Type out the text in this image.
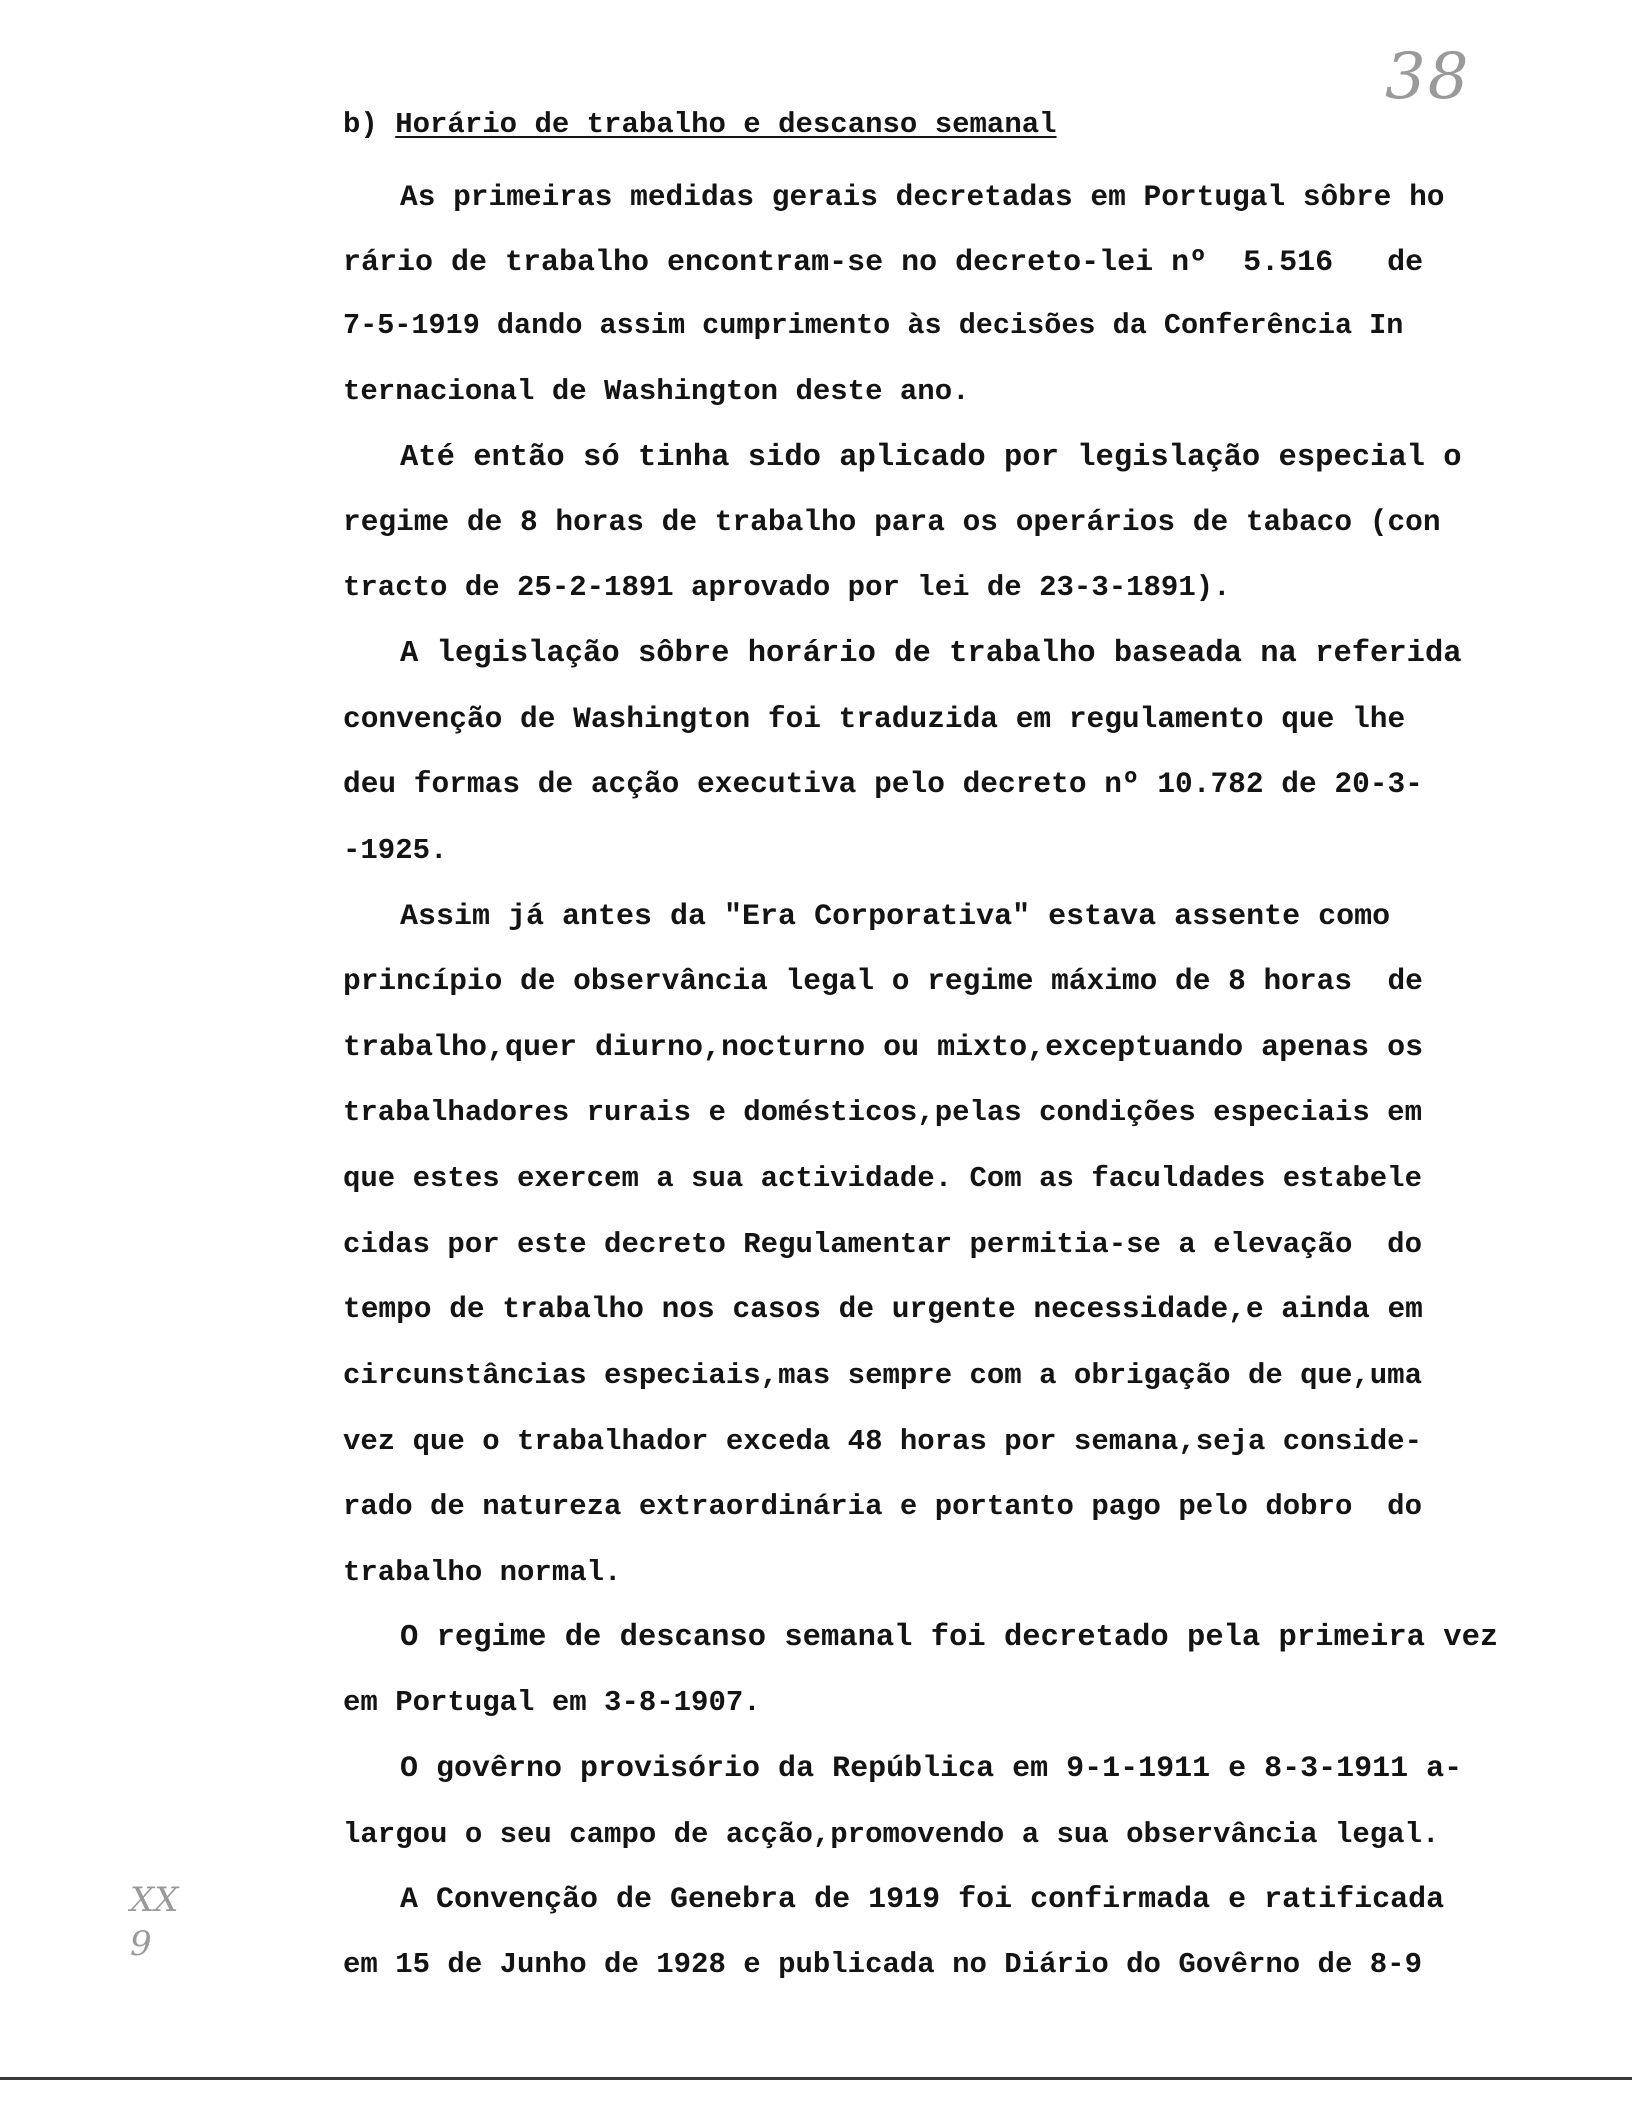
38
b) Horário de trabalho e descanso semanal
As primeiras medidas gerais decretadas em Portugal sôbre ho
rário de trabalho encontram-se no decreto-lei nº  5.516   de
7-5-1919 dando assim cumprimento às decisões da Conferência In
ternacional de Washington deste ano.
Até então só tinha sido aplicado por legislação especial o
regime de 8 horas de trabalho para os operários de tabaco (con
tracto de 25-2-1891 aprovado por lei de 23-3-1891).
A legislação sôbre horário de trabalho baseada na referida
convenção de Washington foi traduzida em regulamento que lhe
deu formas de acção executiva pelo decreto nº 10.782 de 20-3-
-1925.
Assim já antes da "Era Corporativa" estava assente como
princípio de observância legal o regime máximo de 8 horas  de
trabalho,quer diurno,nocturno ou mixto,exceptuando apenas os
trabalhadores rurais e domésticos,pelas condições especiais em
que estes exercem a sua actividade. Com as faculdades estabele
cidas por este decreto Regulamentar permitia-se a elevação  do
tempo de trabalho nos casos de urgente necessidade,e ainda em
circunstâncias especiais,mas sempre com a obrigação de que,uma
vez que o trabalhador exceda 48 horas por semana,seja conside-
rado de natureza extraordinária e portanto pago pelo dobro  do
trabalho normal.
O regime de descanso semanal foi decretado pela primeira vez
em Portugal em 3-8-1907.
O govêrno provisório da República em 9-1-1911 e 8-3-1911 a-
largou o seu campo de acção,promovendo a sua observância legal.
A Convenção de Genebra de 1919 foi confirmada e ratificada
em 15 de Junho de 1928 e publicada no Diário do Govêrno de 8-9
XX
9
